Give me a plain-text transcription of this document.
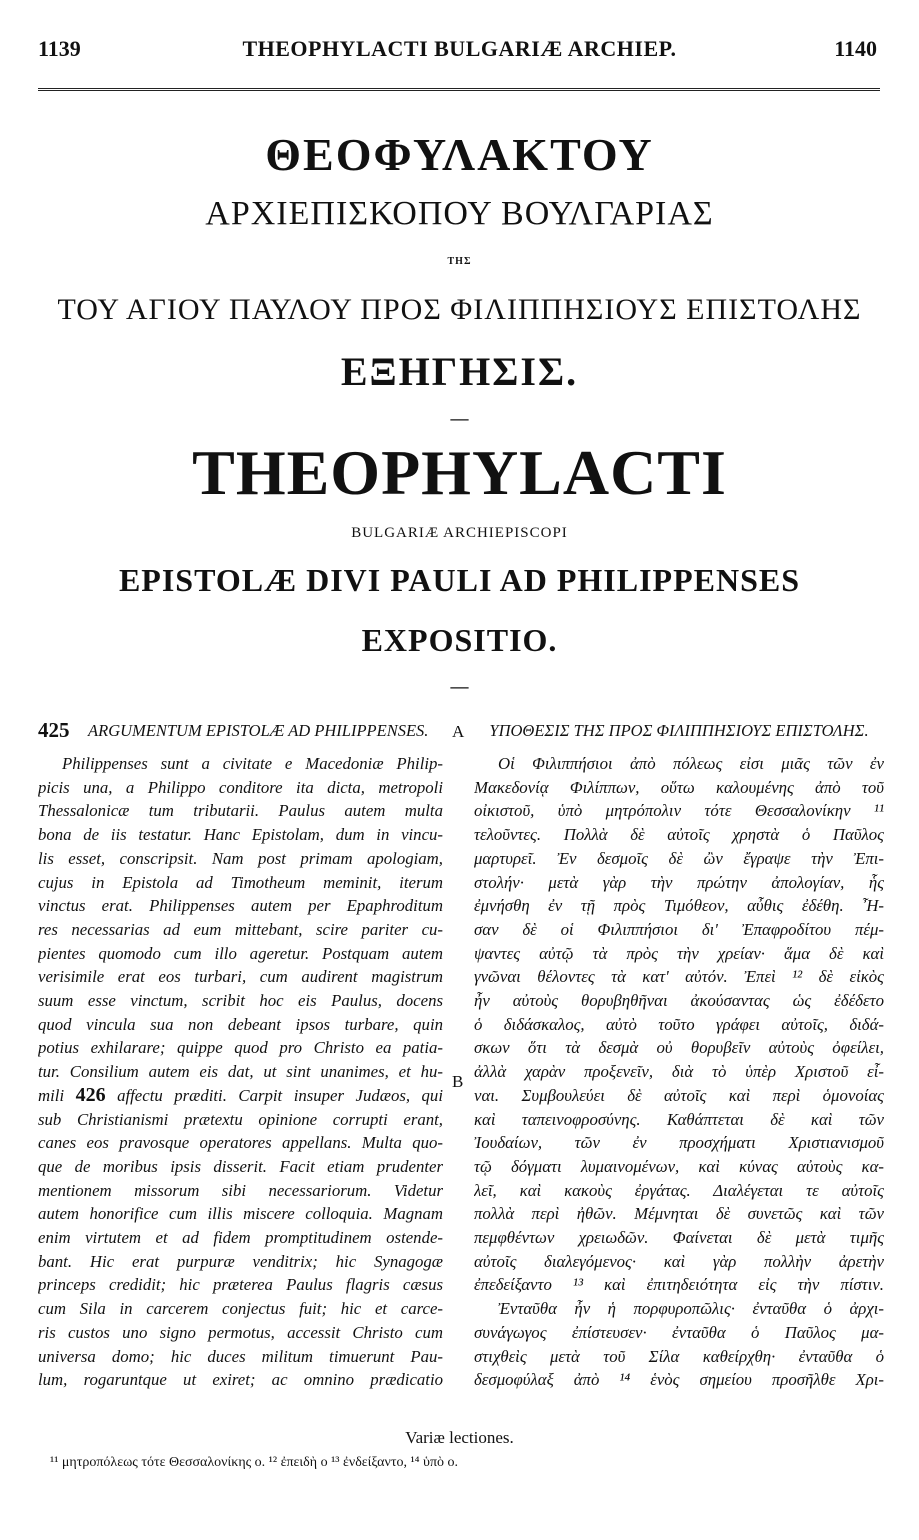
1139	THEOPHYLACTI BULGARIÆ ARCHIEP.	1140
ΘΕΟΦΥΛΑΚΤΟΥ
ΑΡΧΙΕΠΙΣΚΟΠΟΥ ΒΟΥΛΓΑΡΙΑΣ
ΤΗΣ
ΤΟΥ ΑΓΙΟΥ ΠΑΥΛΟΥ ΠΡΟΣ ΦΙΛΙΠΠΗΣΙΟΥΣ ΕΠΙΣΤΟΛΗΣ
ΕΞΗΓΗΣΙΣ.
—
THEOPHYLACTI
BULGARIÆ ARCHIEPISCOPI
EPISTOLÆ DIVI PAULI AD PHILIPPENSES
EXPOSITIO.
—
A
B
425 ARGUMENTUM EPISTOLÆ AD PHILIPPENSES.
Philippenses sunt a civitate e Macedoniæ Philip-
picis una, a Philippo conditore ita dicta, metropoli
Thessalonicæ tum tributarii. Paulus autem multa
bona de iis testatur. Hanc Epistolam, dum in vincu-
lis esset, conscripsit. Nam post primam apologiam,
cujus in Epistola ad Timotheum meminit, iterum
vinctus erat. Philippenses autem per Epaphroditum
res necessarias ad eum mittebant, scire pariter cu-
pientes quomodo cum illo ageretur. Postquam autem
verisimile erat eos turbari, cum audirent magistrum
suum esse vinctum, scribit hoc eis Paulus, docens
quod vincula sua non debeant ipsos turbare, quin
potius exhilarare; quippe quod pro Christo ea patia-
tur. Consilium autem eis dat, ut sint unanimes, et hu-
mili 426 affectu præditi. Carpit insuper Judæos, qui
sub Christianismi prætextu opinione corrupti erant,
canes eos pravosque operatores appellans. Multa quo-
que de moribus ipsis disserit. Facit etiam prudenter
mentionem missorum sibi necessariorum. Videtur
autem honorifice cum illis miscere colloquia. Magnam
enim virtutem et ad fidem promptitudinem ostende-
bant. Hic erat purpuræ venditrix; hic Synagogæ
princeps credidit; hic præterea Paulus flagris cæsus
cum Sila in carcerem conjectus fuit; hic et carce-
ris custos uno signo permotus, accessit Christo cum
universa domo; hic duces militum timuerunt Pau-
lum, rogaruntque ut exiret; ac omnino prædicatio
ΥΠΟΘΕΣΙΣ ΤΗΣ ΠΡΟΣ ΦΙΛΙΠΠΗΣΙΟΥΣ ΕΠΙΣΤΟΛΗΣ.
Οἱ Φιλιππήσιοι ἀπὸ πόλεως εἰσι μιᾶς τῶν ἐν
Μακεδονίᾳ Φιλίππων, οὕτω καλουμένης ἀπὸ τοῦ
οἰκιστοῦ, ὑπὸ μητρόπολιν τότε Θεσσαλονίκην ¹¹
τελοῦντες. Πολλὰ δὲ αὐτοῖς χρηστὰ ὁ Παῦλος
μαρτυρεῖ. Ἐν δεσμοῖς δὲ ὢν ἔγραψε τὴν Ἐπι-
στολήν· μετὰ γὰρ τὴν πρώτην ἀπολογίαν, ἧς
ἐμνήσθη ἐν τῇ πρὸς Τιμόθεον, αὖθις ἐδέθη. Ἦ-
σαν δὲ οἱ Φιλιππήσιοι δι' Ἐπαφροδίτου πέμ-
ψαντες αὐτῷ τὰ πρὸς τὴν χρείαν· ἅμα δὲ καὶ
γνῶναι θέλοντες τὰ κατ' αὐτόν. Ἐπεὶ ¹² δὲ εἰκὸς
ἦν αὐτοὺς θορυβηθῆναι ἀκούσαντας ὡς ἐδέδετο
ὁ διδάσκαλος, αὐτὸ τοῦτο γράφει αὐτοῖς, διδά-
σκων ὅτι τὰ δεσμὰ οὐ θορυβεῖν αὐτοὺς ὀφείλει,
ἀλλὰ χαρὰν προξενεῖν, διὰ τὸ ὑπὲρ Χριστοῦ εἶ-
ναι. Συμβουλεύει δὲ αὐτοῖς καὶ περὶ ὁμονοίας
καὶ ταπεινοφροσύνης. Καθάπτεται δὲ καὶ τῶν
Ἰουδαίων, τῶν ἐν προσχήματι Χριστιανισμοῦ
τῷ δόγματι λυμαινομένων, καὶ κύνας αὐτοὺς κα-
λεῖ, καὶ κακοὺς ἐργάτας. Διαλέγεται τε αὐτοῖς
πολλὰ περὶ ἠθῶν. Μέμνηται δὲ συνετῶς καὶ τῶν
πεμφθέντων χρειωδῶν. Φαίνεται δὲ μετὰ τιμῆς
αὐτοῖς διαλεγόμενος· καὶ γὰρ πολλὴν ἀρετὴν
ἐπεδείξαντο ¹³ καὶ ἐπιτηδειότητα εἰς τὴν πίστιν.
Ἐνταῦθα ἦν ἡ πορφυροπῶλις· ἐνταῦθα ὁ ἀρχι-
συνάγωγος ἐπίστευσεν· ἐνταῦθα ὁ Παῦλος μα-
στιχθεὶς μετὰ τοῦ Σίλα καθείρχθη· ἐνταῦθα ὁ
δεσμοφύλαξ ἀπὸ ¹⁴ ἑνὸς σημείου προσῆλθε Χρι-
Variæ lectiones.
¹¹ μητροπόλεως τότε Θεσσαλονίκης ο. ¹² ἐπειδὴ ο ¹³ ἐνδείξαντο, ¹⁴ ὑπὸ ο.
